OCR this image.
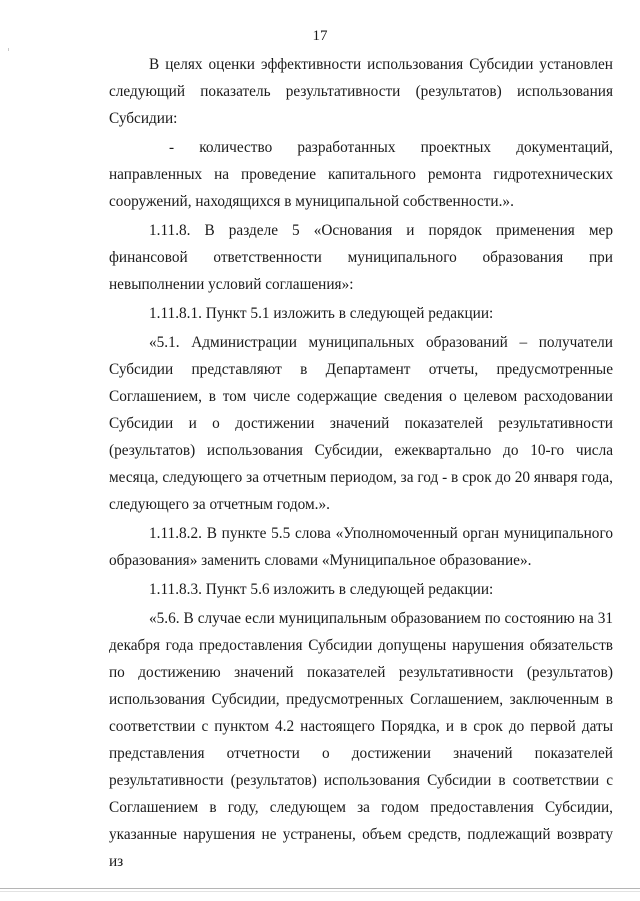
17

В целях оценки эффективности использования Субсидии установлен следующий показатель результативности (результатов) использования Субсидии:

- количество разработанных проектных документаций, направленных на проведение капитального ремонта гидротехнических сооружений, находящихся в муниципальной собственности.».

1.11.8. В разделе 5 «Основания и порядок применения мер финансовой ответственности муниципального образования при невыполнении условий соглашения»:

1.11.8.1. Пункт 5.1 изложить в следующей редакции:

«5.1. Администрации муниципальных образований – получатели Субсидии представляют в Департамент отчеты, предусмотренные Соглашением, в том числе содержащие сведения о целевом расходовании Субсидии и о достижении значений показателей результативности (результатов) использования Субсидии, ежеквартально до 10-го числа месяца, следующего за отчетным периодом, за год - в срок до 20 января года, следующего за отчетным годом.».

1.11.8.2. В пункте 5.5 слова «Уполномоченный орган муниципального образования» заменить словами «Муниципальное образование».

1.11.8.3. Пункт 5.6 изложить в следующей редакции:

«5.6. В случае если муниципальным образованием по состоянию на 31 декабря года предоставления Субсидии допущены нарушения обязательств по достижению значений показателей результативности (результатов) использования Субсидии, предусмотренных Соглашением, заключенным в соответствии с пунктом 4.2 настоящего Порядка, и в срок до первой даты представления отчетности о достижении значений показателей результативности (результатов) использования Субсидии в соответствии с Соглашением в году, следующем за годом предоставления Субсидии, указанные нарушения не устранены, объем средств, подлежащий возврату из
